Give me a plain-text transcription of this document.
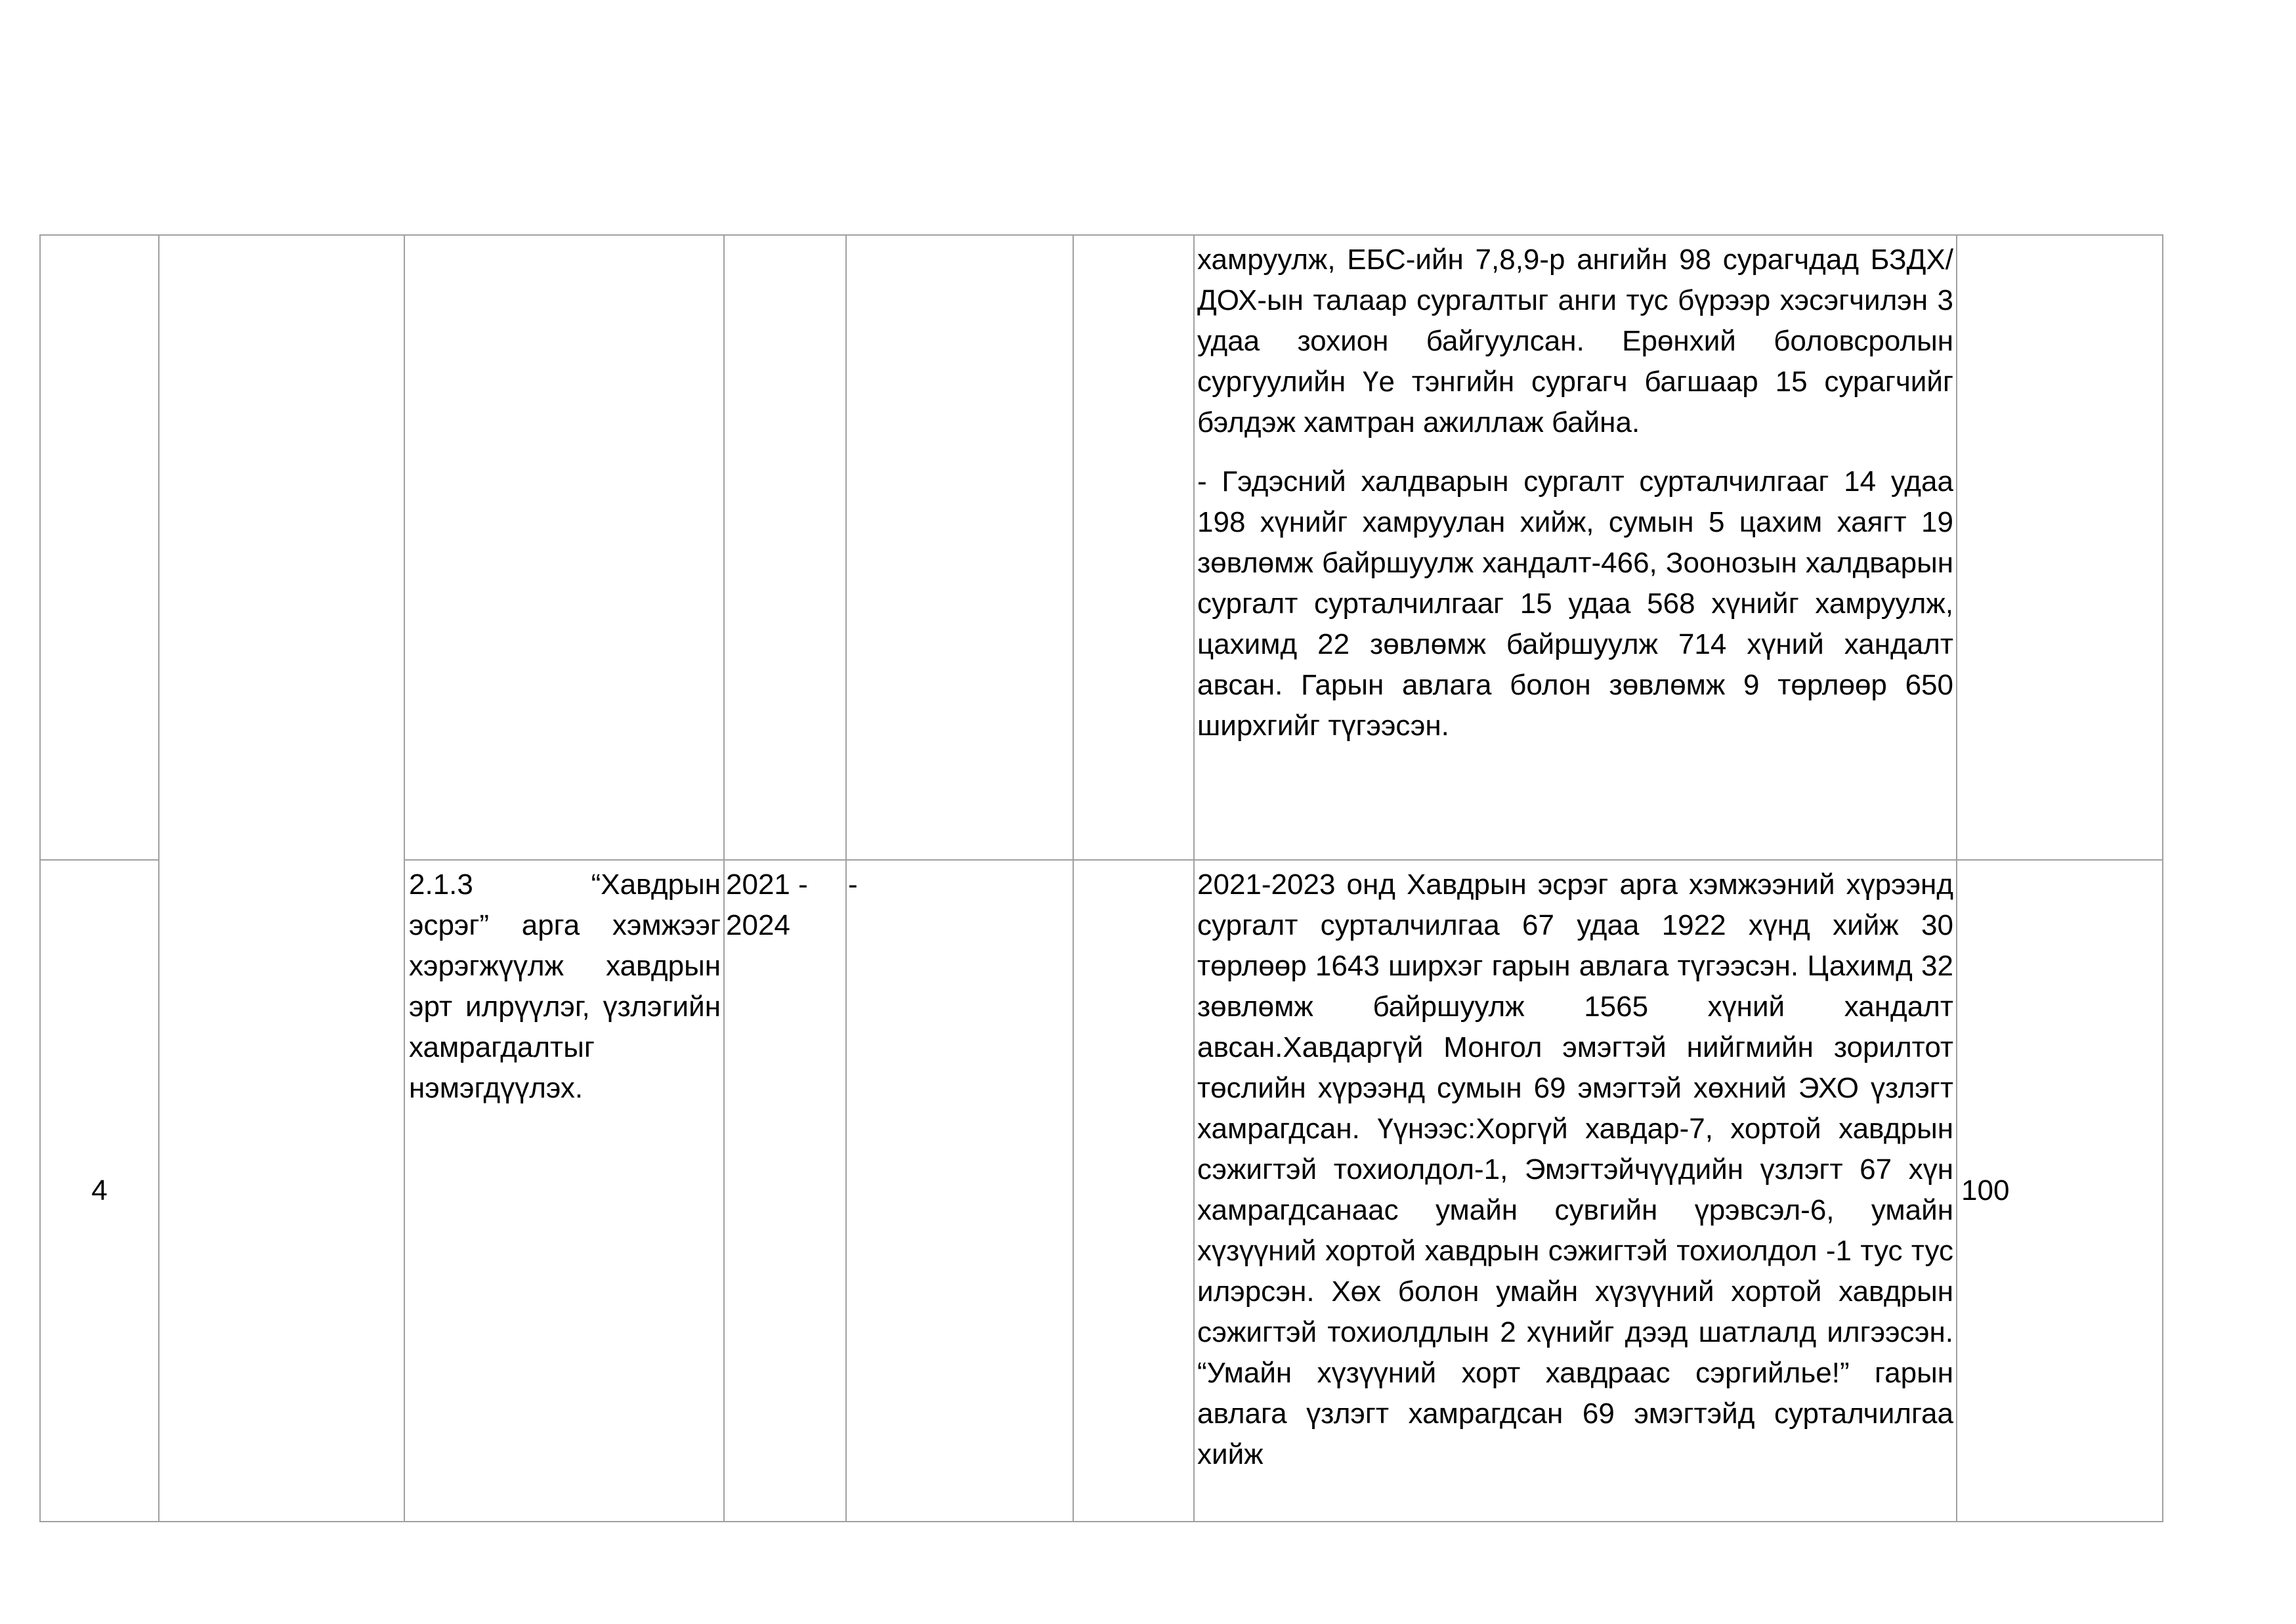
						хамруулж, ЕБС-ийн 7,8,9-р ангийн 98 сурагчдад БЗДХ/ДОХ-ын талаар сургалтыг анги тус бүрээр хэсэгчилэн 3 удаа зохион байгуулсан. Ерөнхий боловсролын сургуулийн Үе тэнгийн сургагч багшаар 15 сурагчийг бэлдэж хамтран ажиллаж байна.

- Гэдэсний халдварын сургалт сурталчилгааг 14 удаа 198 хүнийг хамруулан хийж, сумын 5 цахим хаягт 19 зөвлөмж байршуулж хандалт-466, Зоонозын халдварын сургалт сурталчилгааг 15 удаа 568 хүнийг хамруулж, цахимд 22 зөвлөмж байршуулж 714 хүний хандалт авсан. Гарын авлага болон зөвлөмж 9 төрлөөр 650 ширхгийг түгээсэн.	

4		2.1.3 “Хавдрын
эсрэг” арга хэмжээг хэрэгжүүлж хавдрын эрт илрүүлэг, үзлэгийн хамрагдалтыг нэмэгдүүлэх.	2021 - 2024	-		2021-2023 онд Хавдрын эсрэг арга хэмжээний хүрээнд сургалт сурталчилгаа 67 удаа 1922 хүнд хийж 30 төрлөөр 1643 ширхэг гарын авлага түгээсэн. Цахимд 32 зөвлөмж байршуулж 1565 хүний хандалт авсан.Хавдаргүй Монгол эмэгтэй нийгмийн зорилтот төслийн хүрээнд сумын 69 эмэгтэй хөхний ЭХО үзлэгт хамрагдсан. Үүнээс:Хоргүй хавдар-7, хортой хавдрын сэжигтэй тохиолдол-1, Эмэгтэйчүүдийн үзлэгт 67 хүн хамрагдсанаас умайн сувгийн үрэвсэл-6, умайн хүзүүний хортой хавдрын сэжигтэй тохиолдол -1 тус тус илэрсэн. Хөх болон умайн хүзүүний хортой хавдрын сэжигтэй тохиолдлын 2 хүнийг дээд шатлалд илгээсэн. “Умайн хүзүүний хорт хавдраас сэргийлье!” гарын авлага үзлэгт хамрагдсан 69 эмэгтэйд сурталчилгаа хийж	100
